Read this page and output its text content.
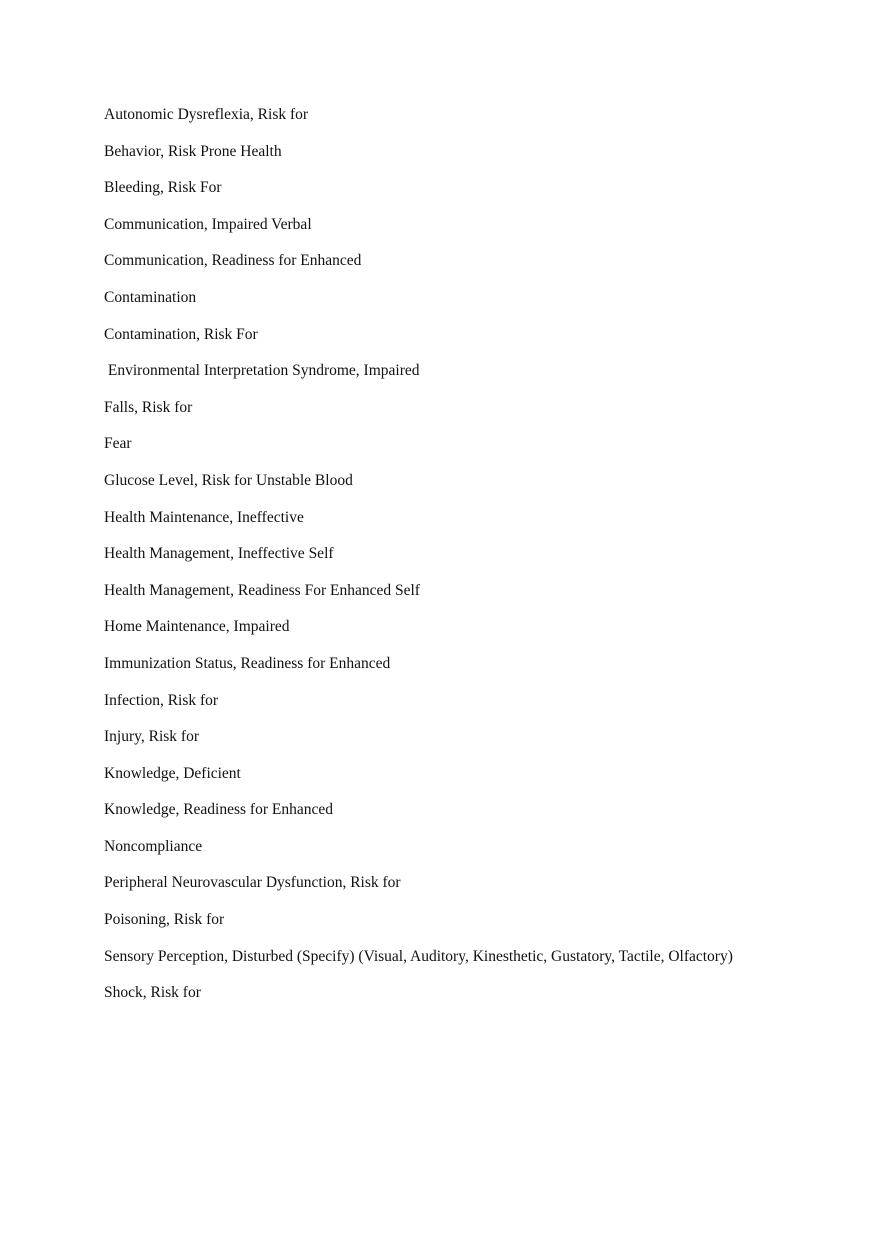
Autonomic Dysreflexia, Risk for
Behavior, Risk Prone Health
Bleeding, Risk For
Communication, Impaired Verbal
Communication, Readiness for Enhanced
Contamination
Contamination, Risk For
Environmental Interpretation Syndrome, Impaired
Falls, Risk for
Fear
Glucose Level, Risk for Unstable Blood
Health Maintenance, Ineffective
Health Management, Ineffective Self
Health Management, Readiness For Enhanced Self
Home Maintenance, Impaired
Immunization Status, Readiness for Enhanced
Infection, Risk for
Injury, Risk for
Knowledge, Deficient
Knowledge, Readiness for Enhanced
Noncompliance
Peripheral Neurovascular Dysfunction, Risk for
Poisoning, Risk for
Sensory Perception, Disturbed (Specify) (Visual, Auditory, Kinesthetic, Gustatory, Tactile, Olfactory)
Shock, Risk for
